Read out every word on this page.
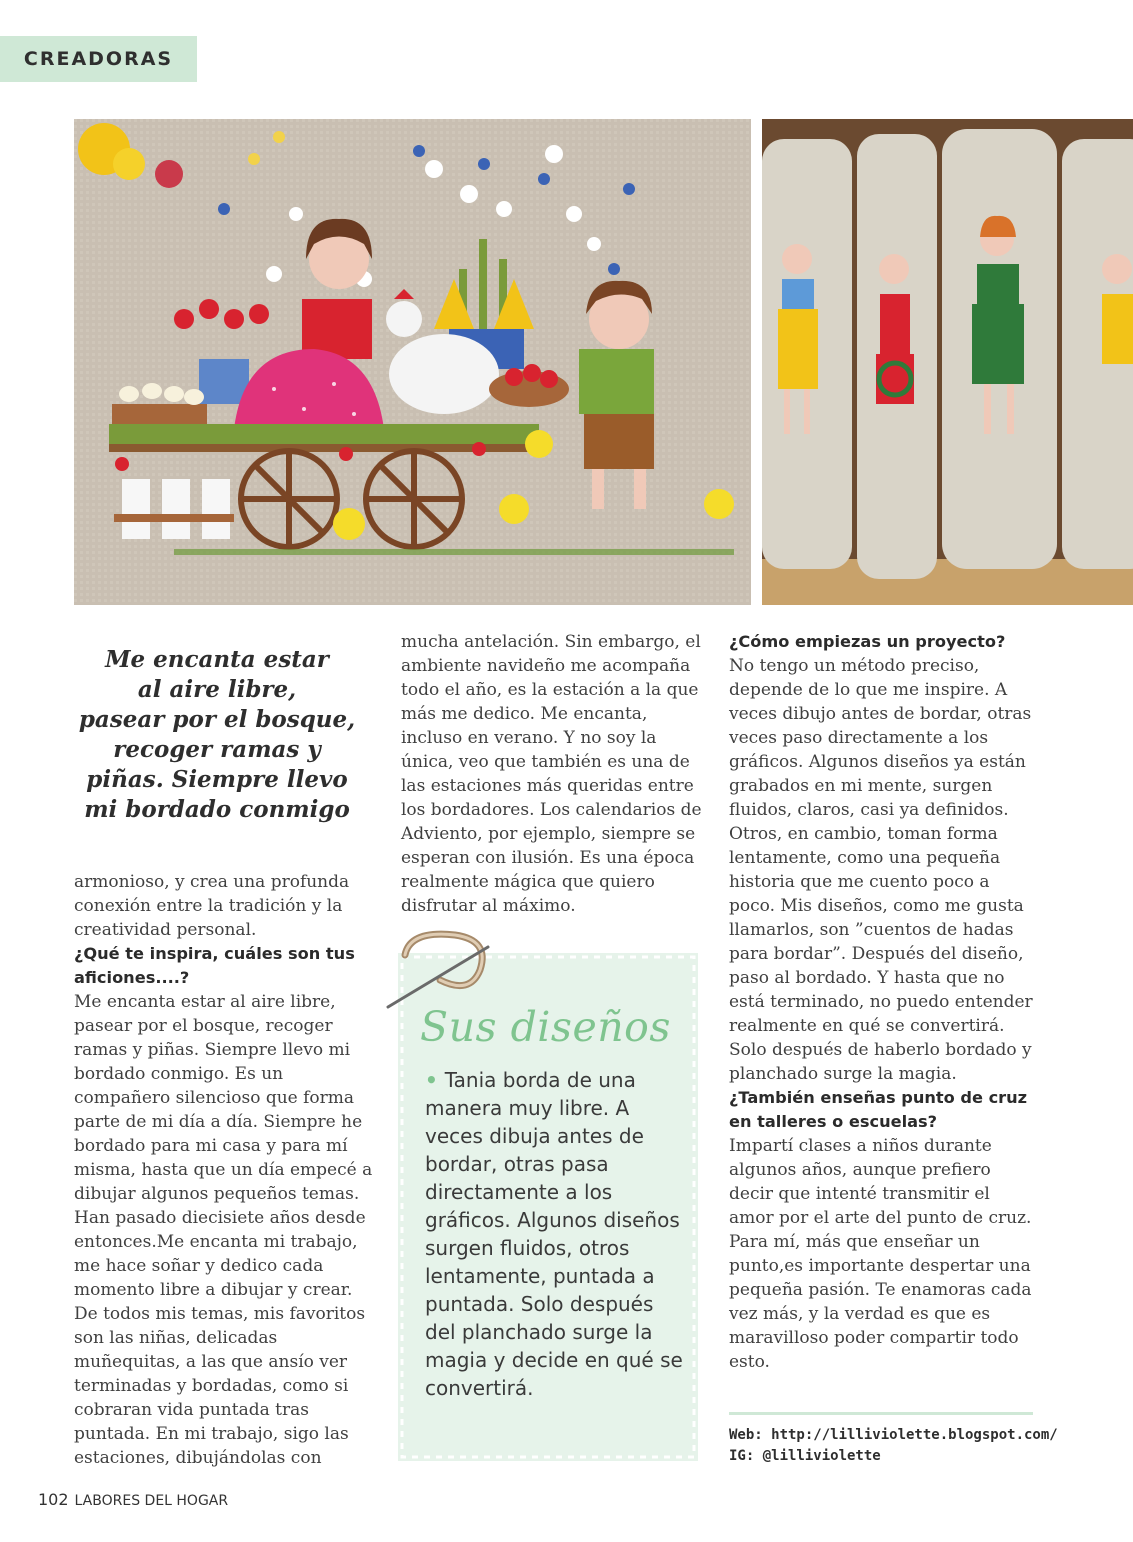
CREADORAS
Me encanta estar
al aire libre,
pasear por el bosque,
recoger ramas y
piñas. Siempre llevo
mi bordado conmigo

armonioso, y crea una profunda conexión entre la tradición y la creatividad personal.

¿Qué te inspira, cuáles son tus aficiones....?

Me encanta estar al aire libre, pasear por el bosque, recoger ramas y piñas. Siempre llevo mi bordado conmigo. Es un compañero silencioso que forma parte de mi día a día. Siempre he bordado para mi casa y para mí misma, hasta que un día empecé a dibujar algunos pequeños temas. Han pasado diecisiete años desde entonces.Me encanta mi trabajo, me hace soñar y dedico cada momento libre a dibujar y crear. De todos mis temas, mis favoritos son las niñas, delicadas muñequitas, a las que ansío ver terminadas y bordadas, como si cobraran vida puntada tras puntada. En mi trabajo, sigo las estaciones, dibujándolas con

mucha antelación. Sin embargo, el ambiente navideño me acompaña todo el año, es la estación a la que más me dedico. Me encanta, incluso en verano. Y no soy la única, veo que también es una de las estaciones más queridas entre los bordadores. Los calendarios de Adviento, por ejemplo, siempre se esperan con ilusión. Es una época realmente mágica que quiero disfrutar al máximo.

Sus diseños
• Tania borda de una manera muy libre. A veces dibuja antes de bordar, otras pasa directamente a los gráficos. Algunos diseños surgen fluidos, otros lentamente, puntada a puntada. Solo después del planchado surge la magia y decide en qué se convertirá.

¿Cómo empiezas un proyecto?

No tengo un método preciso, depende de lo que me inspire. A veces dibujo antes de bordar, otras veces paso directamente a los gráficos. Algunos diseños ya están grabados en mi mente, surgen fluidos, claros, casi ya definidos. Otros, en cambio, toman forma lentamente, como una pequeña historia que me cuento poco a poco. Mis diseños, como me gusta llamarlos, son ”cuentos de hadas para bordar”. Después del diseño, paso al bordado. Y hasta que no está terminado, no puedo entender realmente en qué se convertirá. Solo después de haberlo bordado y planchado surge la magia.

¿También enseñas punto de cruz en talleres o escuelas?

Impartí clases a niños durante algunos años, aunque prefiero decir que intenté transmitir el amor por el arte del punto de cruz. Para mí, más que enseñar un punto,es importante despertar una pequeña pasión. Te enamoras cada vez más, y la verdad es que es maravilloso poder compartir todo esto.

Web: http://lilliviolette.blogspot.com/
IG: @lilliviolette
102 LABORES DEL HOGAR
